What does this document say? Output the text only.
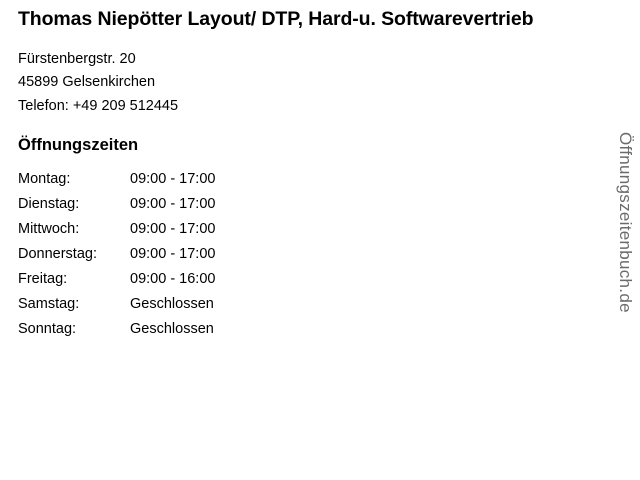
Thomas Niepötter Layout/ DTP, Hard-u. Softwarevertrieb

Fürstenbergstr. 20

45899 Gelsenkirchen

Telefon: +49 209 512445

Öffnungszeiten
Montag:	09:00 - 17:00
Dienstag:	09:00 - 17:00
Mittwoch:	09:00 - 17:00
Donnerstag:	09:00 - 17:00
Freitag:	09:00 - 16:00
Samstag:	Geschlossen
Sonntag:	Geschlossen
Öffnungszeitenbuch.de
